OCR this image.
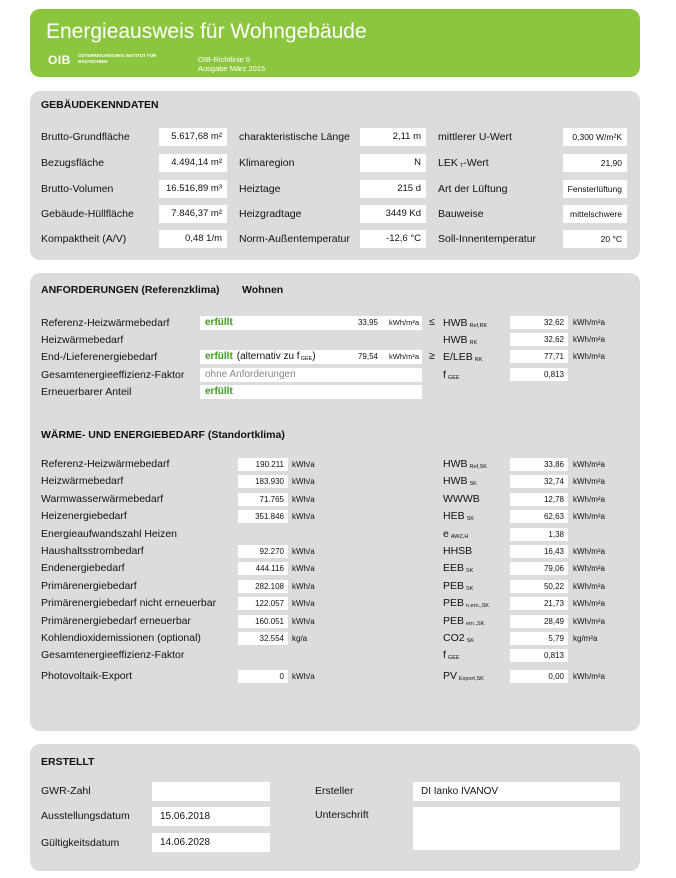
Energieausweis für Wohngebäude
OIB ÖSTERREICHISCHES INSTITUT FÜR BAUTECHNIK	OIB-Richtlinie 6
Ausgabe März 2015
GEBÄUDEKENNDATEN
Brutto-Grundfläche	5.617,68 m²
Bezugsfläche	4.494,14 m²
Brutto-Volumen	16.516,89 m³
Gebäude-Hüllfläche	7.846,37 m²
Kompaktheit (A/V)	0,48 1/m
charakteristische Länge	2,11 m
Klimaregion	N
Heiztage	215 d
Heizgradtage	3449 Kd
Norm-Außentemperatur	-12,6 °C
mittlerer U-Wert	0,300 W/m²K
LEK T-Wert	21,90
Art der Lüftung	Fensterlüftung
Bauweise	mittelschwere
Soll-Innentemperatur	20 °C
ANFORDERUNGEN (Referenzklima) Wohnen
Referenz-Heizwärmebedarf	erfüllt	33,95 kWh/m²a ≤ HWB Ref,RK	32,62	kWh/m²a
Heizwärmebedarf	HWB RK	32,62	kWh/m²a
End-/Lieferenergiebedarf	erfüllt (alternativ zu fGEE)	79,54 kWh/m²a ≥ E/LEB RK	77,71	kWh/m²a
Gesamtenergieeffizienz-Faktor	ohne Anforderungen	fGEE	0,813
Erneuerbarer Anteil	erfüllt
WÄRME- UND ENERGIEBEDARF (Standortklima)
Referenz-Heizwärmebedarf	190.211	kWh/a	HWB Ref,SK	33,86	kWh/m²a
Heizwärmebedarf	183.930	kWh/a	HWB SK	32,74	kWh/m²a
Warmwasserwärmebedarf	71.765	kWh/a	WWWB	12,78	kWh/m²a
Heizenergiebedarf	351.846	kWh/a	HEB SK	62,63	kWh/m²a
Energieaufwandszahl Heizen	eAWZ,H	1,38
Haushaltsstrombedarf	92.270	kWh/a	HHSB	16,43	kWh/m²a
Endenergiebedarf	444.116	kWh/a	EEB SK	79,06	kWh/m²a
Primärenergiebedarf	282.108	kWh/a	PEB SK	50,22	kWh/m²a
Primärenergiebedarf nicht erneuerbar	122.057	kWh/a	PEB n.ern.,SK	21,73	kWh/m²a
Primärenergiebedarf erneuerbar	160.051	kWh/a	PEB ern.,SK	28,49	kWh/m²a
Kohlendioxidemissionen (optional)	32.554	kg/a	CO2 SK	5,79	kg/m²a
Gesamtenergieeffizienz-Faktor	fGEE	0,813
Photovoltaik-Export	0	kWh/a	PV Export,SK	0,00	kWh/m²a
ERSTELLT
GWR-Zahl
Ausstellungsdatum	15.06.2018
Gültigkeitsdatum	14.06.2028
Ersteller	DI Ianko IVANOV
Unterschrift
